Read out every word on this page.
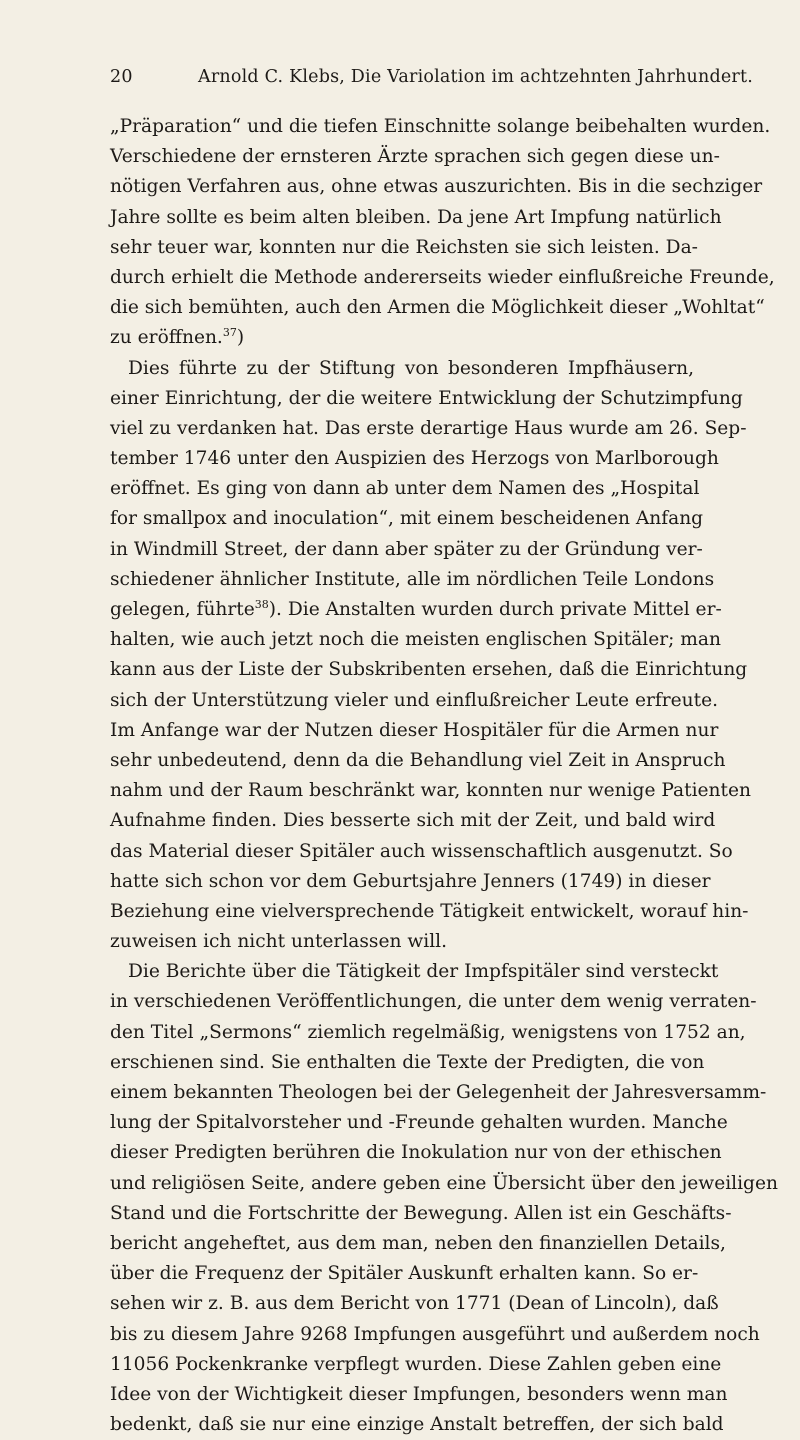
20	Arnold C. Klebs, Die Variolation im achtzehnten Jahrhundert.
„Präparation“ und die tiefen Einschnitte solange beibehalten wurden.
Verschiedene der ernsteren Ärzte sprachen sich gegen diese un-
nötigen Verfahren aus, ohne etwas auszurichten. Bis in die sechziger
Jahre sollte es beim alten bleiben. Da jene Art Impfung natürlich
sehr teuer war, konnten nur die Reichsten sie sich leisten. Da-
durch erhielt die Methode andererseits wieder einflußreiche Freunde,
die sich bemühten, auch den Armen die Möglichkeit dieser „Wohltat“
zu eröffnen.$^{37}$)
Dies führte zu der Stiftung von besonderen Impfhäusern,
einer Einrichtung, der die weitere Entwicklung der Schutzimpfung
viel zu verdanken hat. Das erste derartige Haus wurde am 26. Sep-
tember 1746 unter den Auspizien des Herzogs von Marlborough
eröffnet. Es ging von dann ab unter dem Namen des „Hospital
for smallpox and inoculation“, mit einem bescheidenen Anfang
in Windmill Street, der dann aber später zu der Gründung ver-
schiedener ähnlicher Institute, alle im nördlichen Teile Londons
gelegen, führte$^{38}$). Die Anstalten wurden durch private Mittel er-
halten, wie auch jetzt noch die meisten englischen Spitäler; man
kann aus der Liste der Subskribenten ersehen, daß die Einrichtung
sich der Unterstützung vieler und einflußreicher Leute erfreute.
Im Anfange war der Nutzen dieser Hospitäler für die Armen nur
sehr unbedeutend, denn da die Behandlung viel Zeit in Anspruch
nahm und der Raum beschränkt war, konnten nur wenige Patienten
Aufnahme finden. Dies besserte sich mit der Zeit, und bald wird
das Material dieser Spitäler auch wissenschaftlich ausgenutzt. So
hatte sich schon vor dem Geburtsjahre Jenners (1749) in dieser
Beziehung eine vielversprechende Tätigkeit entwickelt, worauf hin-
zuweisen ich nicht unterlassen will.
Die Berichte über die Tätigkeit der Impfspitäler sind versteckt
in verschiedenen Veröffentlichungen, die unter dem wenig verraten-
den Titel „Sermons“ ziemlich regelmäßig, wenigstens von 1752 an,
erschienen sind. Sie enthalten die Texte der Predigten, die von
einem bekannten Theologen bei der Gelegenheit der Jahresversamm-
lung der Spitalvorsteher und -Freunde gehalten wurden. Manche
dieser Predigten berühren die Inokulation nur von der ethischen
und religiösen Seite, andere geben eine Übersicht über den jeweiligen
Stand und die Fortschritte der Bewegung. Allen ist ein Geschäfts-
bericht angeheftet, aus dem man, neben den finanziellen Details,
über die Frequenz der Spitäler Auskunft erhalten kann. So er-
sehen wir z. B. aus dem Bericht von 1771 (Dean of Lincoln), daß
bis zu diesem Jahre 9268 Impfungen ausgeführt und außerdem noch
11056 Pockenkranke verpflegt wurden. Diese Zahlen geben eine
Idee von der Wichtigkeit dieser Impfungen, besonders wenn man
bedenkt, daß sie nur eine einzige Anstalt betreffen, der sich bald
